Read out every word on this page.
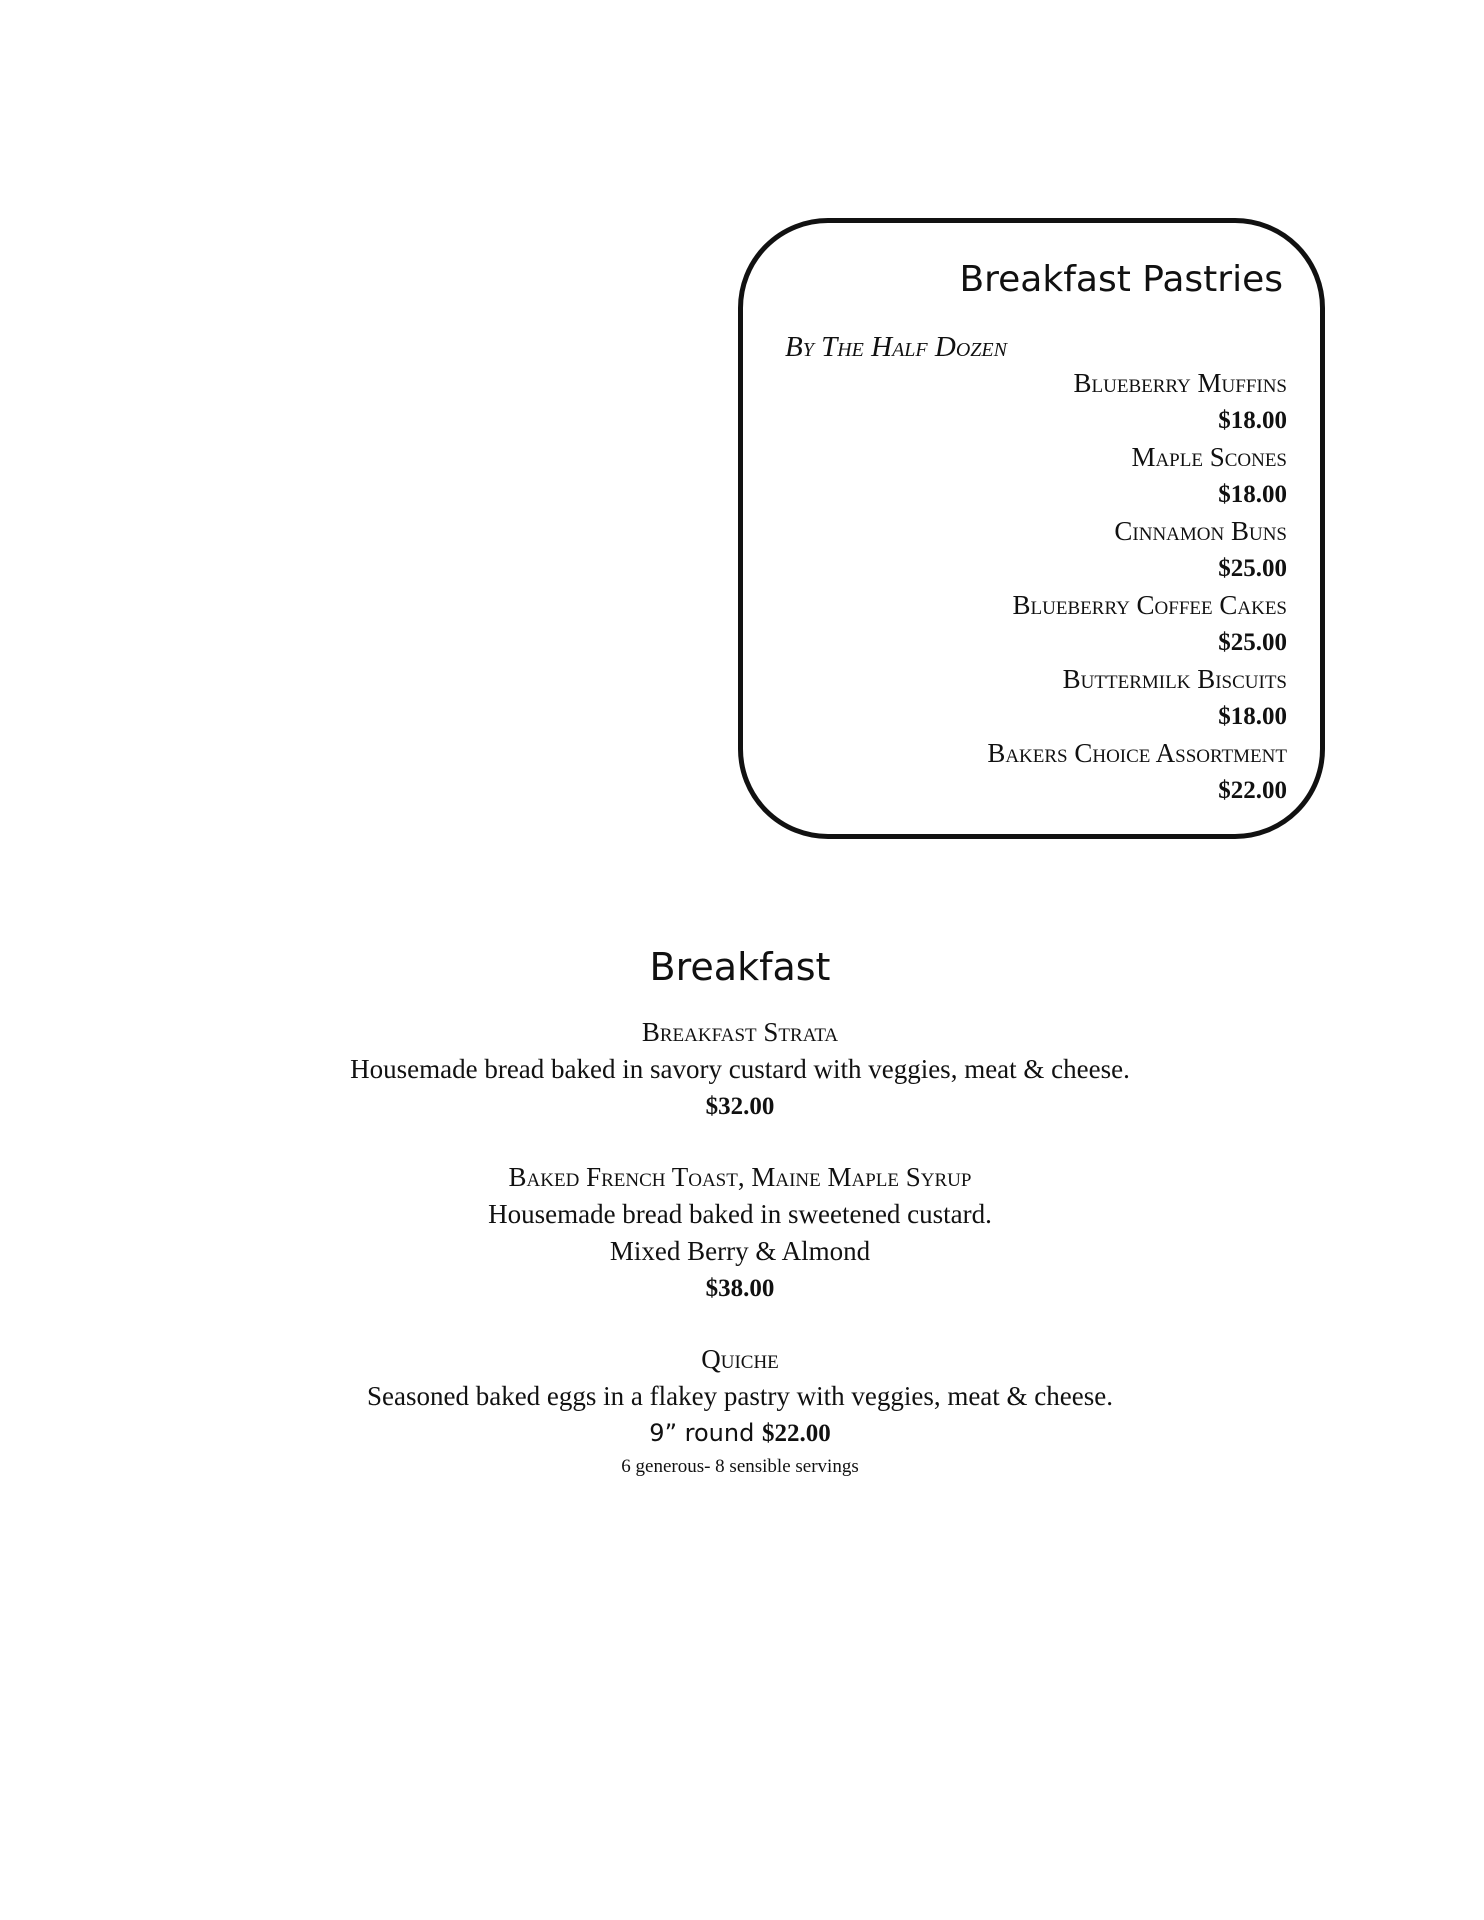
Breakfast Pastries
By The Half Dozen
Blueberry Muffins
$18.00
Maple Scones
$18.00
Cinnamon Buns
$25.00
Blueberry Coffee Cakes
$25.00
Buttermilk Biscuits
$18.00
Bakers Choice Assortment
$22.00
Breakfast
Breakfast Strata
Housemade bread baked in savory custard with veggies, meat & cheese.
$32.00
Baked French Toast, Maine Maple Syrup
Housemade bread baked in sweetened custard.
Mixed Berry & Almond
$38.00
Quiche
Seasoned baked eggs in a flakey pastry with veggies, meat & cheese.
9” round $22.00
6 generous- 8 sensible servings
